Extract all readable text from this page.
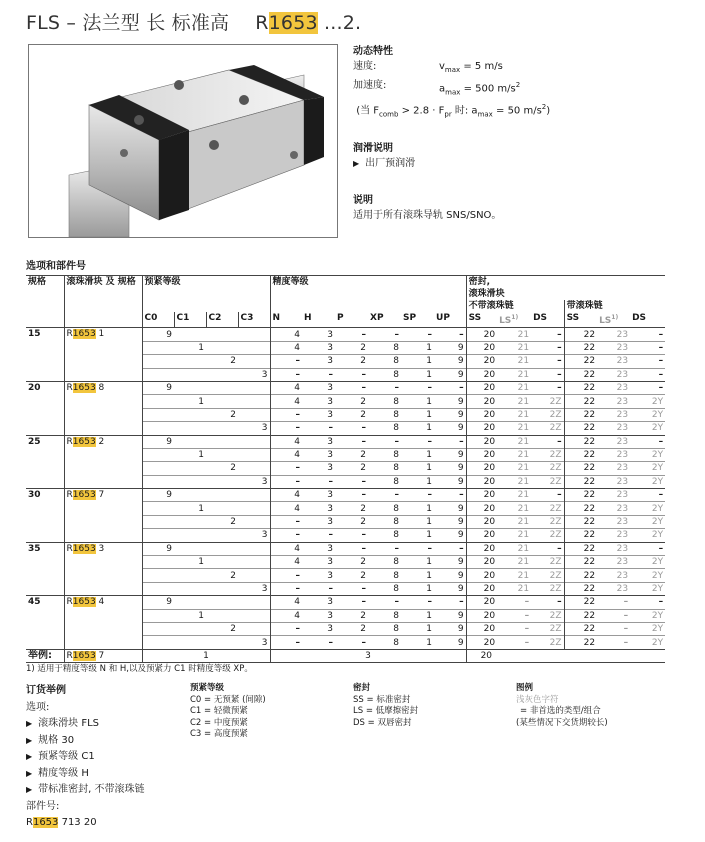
FLS – 法兰型 长 标准高 R1653 ...2.
动态特性
速度:	$v_{max} = 5$ m/s
加速度:	$a_{max} = 500$ $m/s^2$
(当 $F_{comb} > 2.8 \cdot F_{pr}$ 时: $a_{max} = 50$ $m/s^2$)
润滑说明
▶ 出厂预润滑
说明
适用于所有滚珠导轨 SNS/SNO。
选项和部件号
规格	滚珠滑块 及 规格	预紧等级				精度等级						密封,
滚珠滑块					

												不带滚珠链			带滚珠链		
		C0	C1	C2	C3	N	H	P	XP	SP	UP	SS	LS$^{1)}$	DS	SS	LS$^{1)}$	DS
15	R1653 1	9				4	3	–	–	–	–	20	21	–	22	23	–
			1			4	3	2	8	1	9	20	21	–	22	23	–
				2		–	3	2	8	1	9	20	21	–	22	23	–
					3	–	–	–	8	1	9	20	21	–	22	23	–
20	R1653 8	9				4	3	–	–	–	–	20	21	–	22	23	–
			1			4	3	2	8	1	9	20	21	2Z	22	23	2Y
				2		–	3	2	8	1	9	20	21	2Z	22	23	2Y
					3	–	–	–	8	1	9	20	21	2Z	22	23	2Y
25	R1653 2	9				4	3	–	–	–	–	20	21	–	22	23	–
			1			4	3	2	8	1	9	20	21	2Z	22	23	2Y
				2		–	3	2	8	1	9	20	21	2Z	22	23	2Y
					3	–	–	–	8	1	9	20	21	2Z	22	23	2Y
30	R1653 7	9				4	3	–	–	–	–	20	21	–	22	23	–
			1			4	3	2	8	1	9	20	21	2Z	22	23	2Y
				2		–	3	2	8	1	9	20	21	2Z	22	23	2Y
					3	–	–	–	8	1	9	20	21	2Z	22	23	2Y
35	R1653 3	9				4	3	–	–	–	–	20	21	–	22	23	–
			1			4	3	2	8	1	9	20	21	2Z	22	23	2Y
				2		–	3	2	8	1	9	20	21	2Z	22	23	2Y
					3	–	–	–	8	1	9	20	21	2Z	22	23	2Y
45	R1653 4	9				4	3	–	–	–	–	20	–	–	22	–	–
			1			4	3	2	8	1	9	20	–	2Z	22	–	2Y
				2		–	3	2	8	1	9	20	–	2Z	22	–	2Y
					3	–	–	–	8	1	9	20	–	2Z	22	–	2Y
举例:	R1653 7	1				3						20					
1) 适用于精度等级 N 和 H,以及预紧力 C1 时精度等级 XP。
订货举例
选项:
▶ 滚珠滑块 FLS
▶ 规格 30
▶ 预紧等级 C1
▶ 精度等级 H
▶ 带标准密封, 不带滚珠链
部件号:
R1653 713 20
预紧等级
C0 = 无预紧 (间隙)
C1 = 轻微预紧
C2 = 中度预紧
C3 = 高度预紧
密封
SS = 标准密封
LS = 低摩擦密封
DS = 双唇密封
图例
浅灰色字符
= 非首选的类型/组合
(某些情况下交货期较长)
